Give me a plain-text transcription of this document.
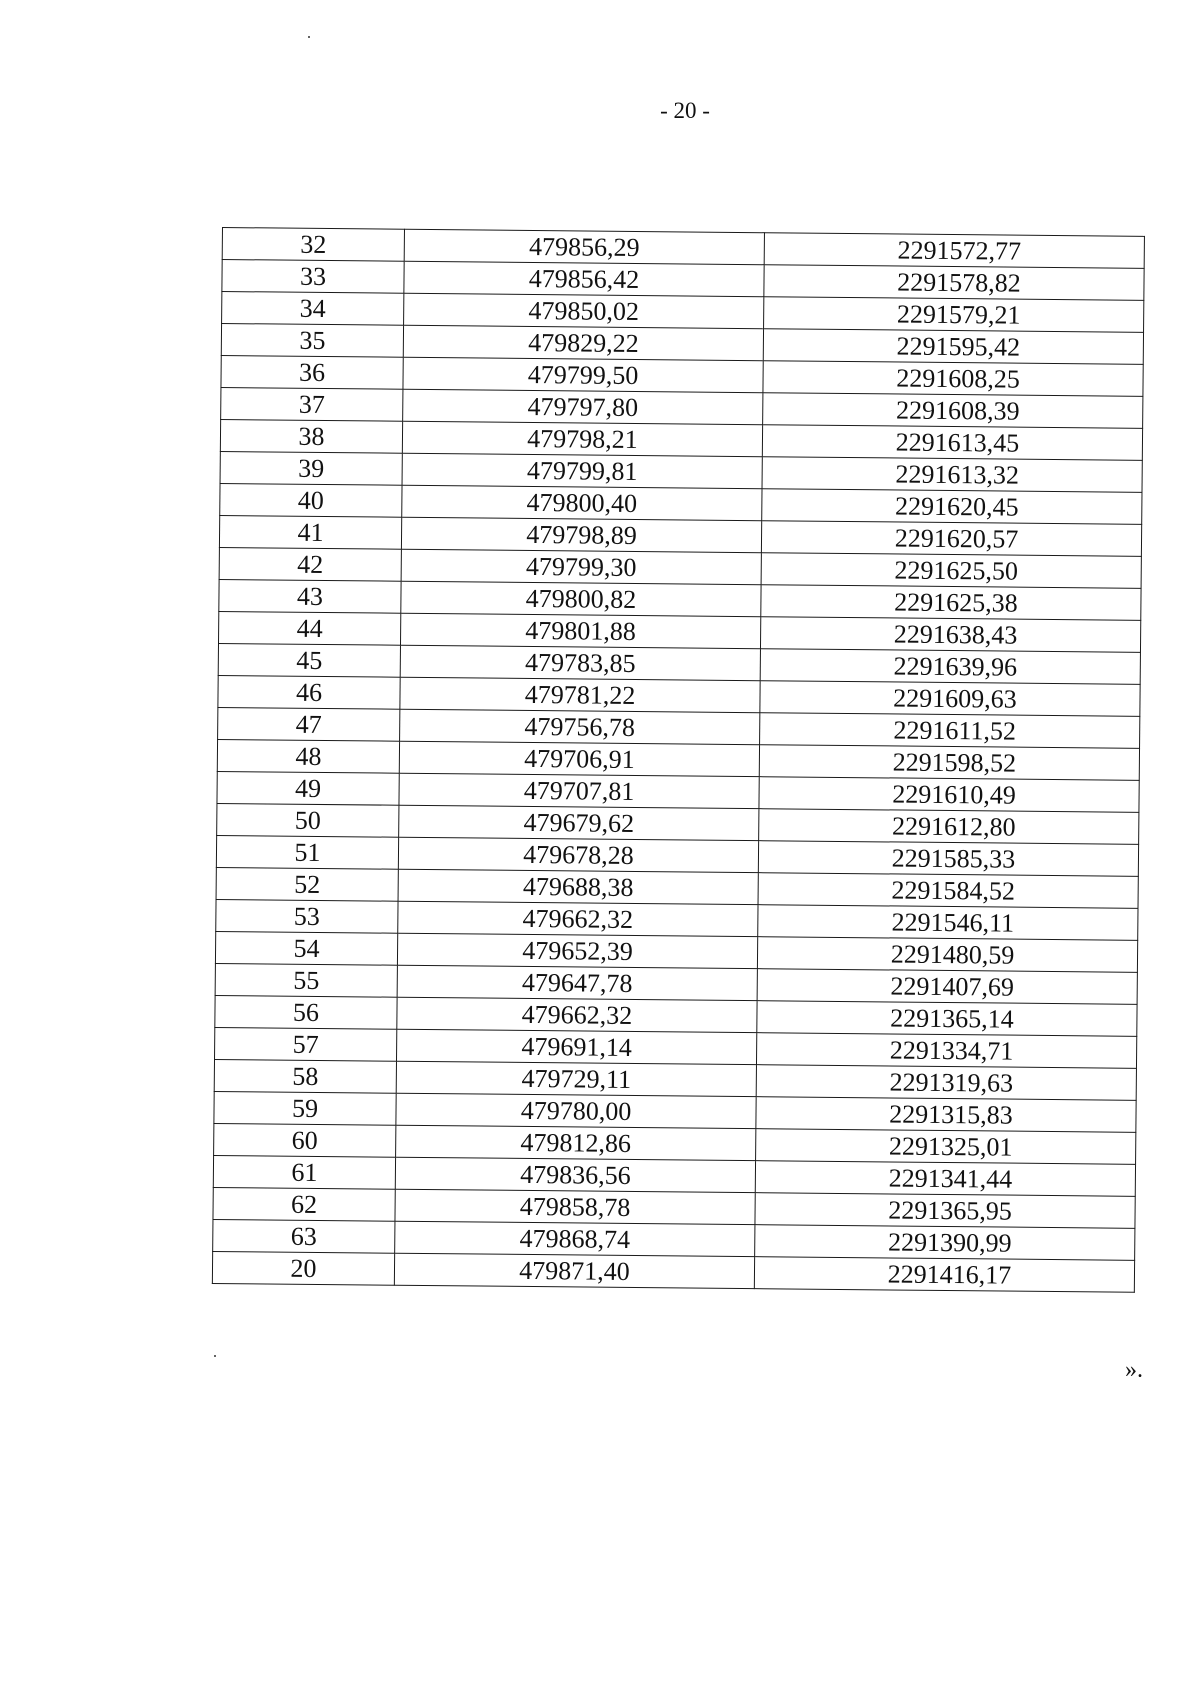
- 20 -
32	479856,29	2291572,77
33	479856,42	2291578,82
34	479850,02	2291579,21
35	479829,22	2291595,42
36	479799,50	2291608,25
37	479797,80	2291608,39
38	479798,21	2291613,45
39	479799,81	2291613,32
40	479800,40	2291620,45
41	479798,89	2291620,57
42	479799,30	2291625,50
43	479800,82	2291625,38
44	479801,88	2291638,43
45	479783,85	2291639,96
46	479781,22	2291609,63
47	479756,78	2291611,52
48	479706,91	2291598,52
49	479707,81	2291610,49
50	479679,62	2291612,80
51	479678,28	2291585,33
52	479688,38	2291584,52
53	479662,32	2291546,11
54	479652,39	2291480,59
55	479647,78	2291407,69
56	479662,32	2291365,14
57	479691,14	2291334,71
58	479729,11	2291319,63
59	479780,00	2291315,83
60	479812,86	2291325,01
61	479836,56	2291341,44
62	479858,78	2291365,95
63	479868,74	2291390,99
20	479871,40	2291416,17
».
